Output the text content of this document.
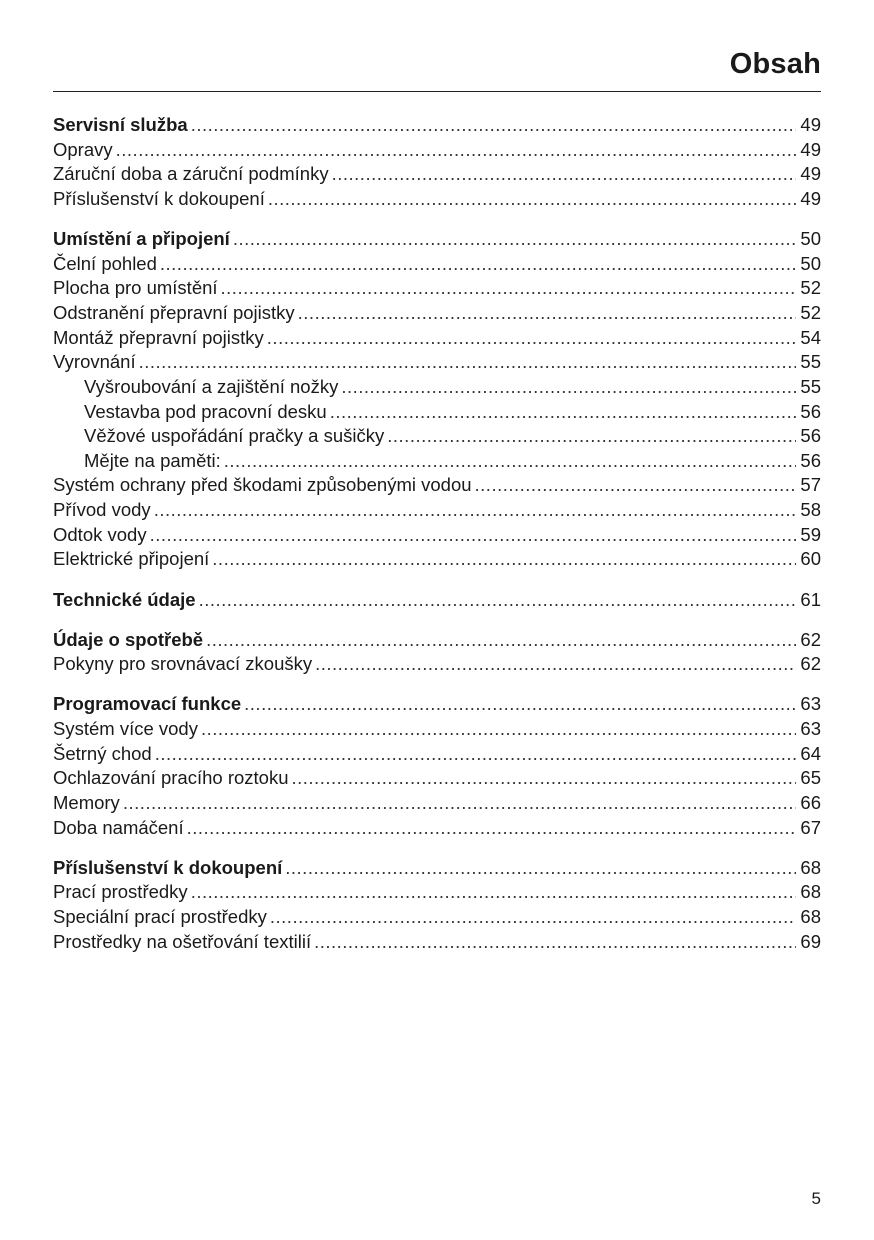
Obsah
Servisní služba .....	49
Opravy .....	49
Záruční doba a záruční podmínky .....	49
Příslušenství k dokoupení .....	49
Umístění a připojení .....	50
Čelní pohled .....	50
Plocha pro umístění .....	52
Odstranění přepravní pojistky .....	52
Montáž přepravní pojistky .....	54
Vyrovnání .....	55
Vyšroubování a zajištění nožky .....	55
Vestavba pod pracovní desku .....	56
Věžové uspořádání pračky a sušičky .....	56
Mějte na paměti: .....	56
Systém ochrany před škodami způsobenými vodou .....	57
Přívod vody .....	58
Odtok vody .....	59
Elektrické připojení .....	60
Technické údaje .....	61
Údaje o spotřebě .....	62
Pokyny pro srovnávací zkoušky .....	62
Programovací funkce .....	63
Systém více vody .....	63
Šetrný chod .....	64
Ochlazování pracího roztoku .....	65
Memory .....	66
Doba namáčení .....	67
Příslušenství k dokoupení .....	68
Prací prostředky .....	68
Speciální prací prostředky .....	68
Prostředky na ošetřování textilií .....	69
5
